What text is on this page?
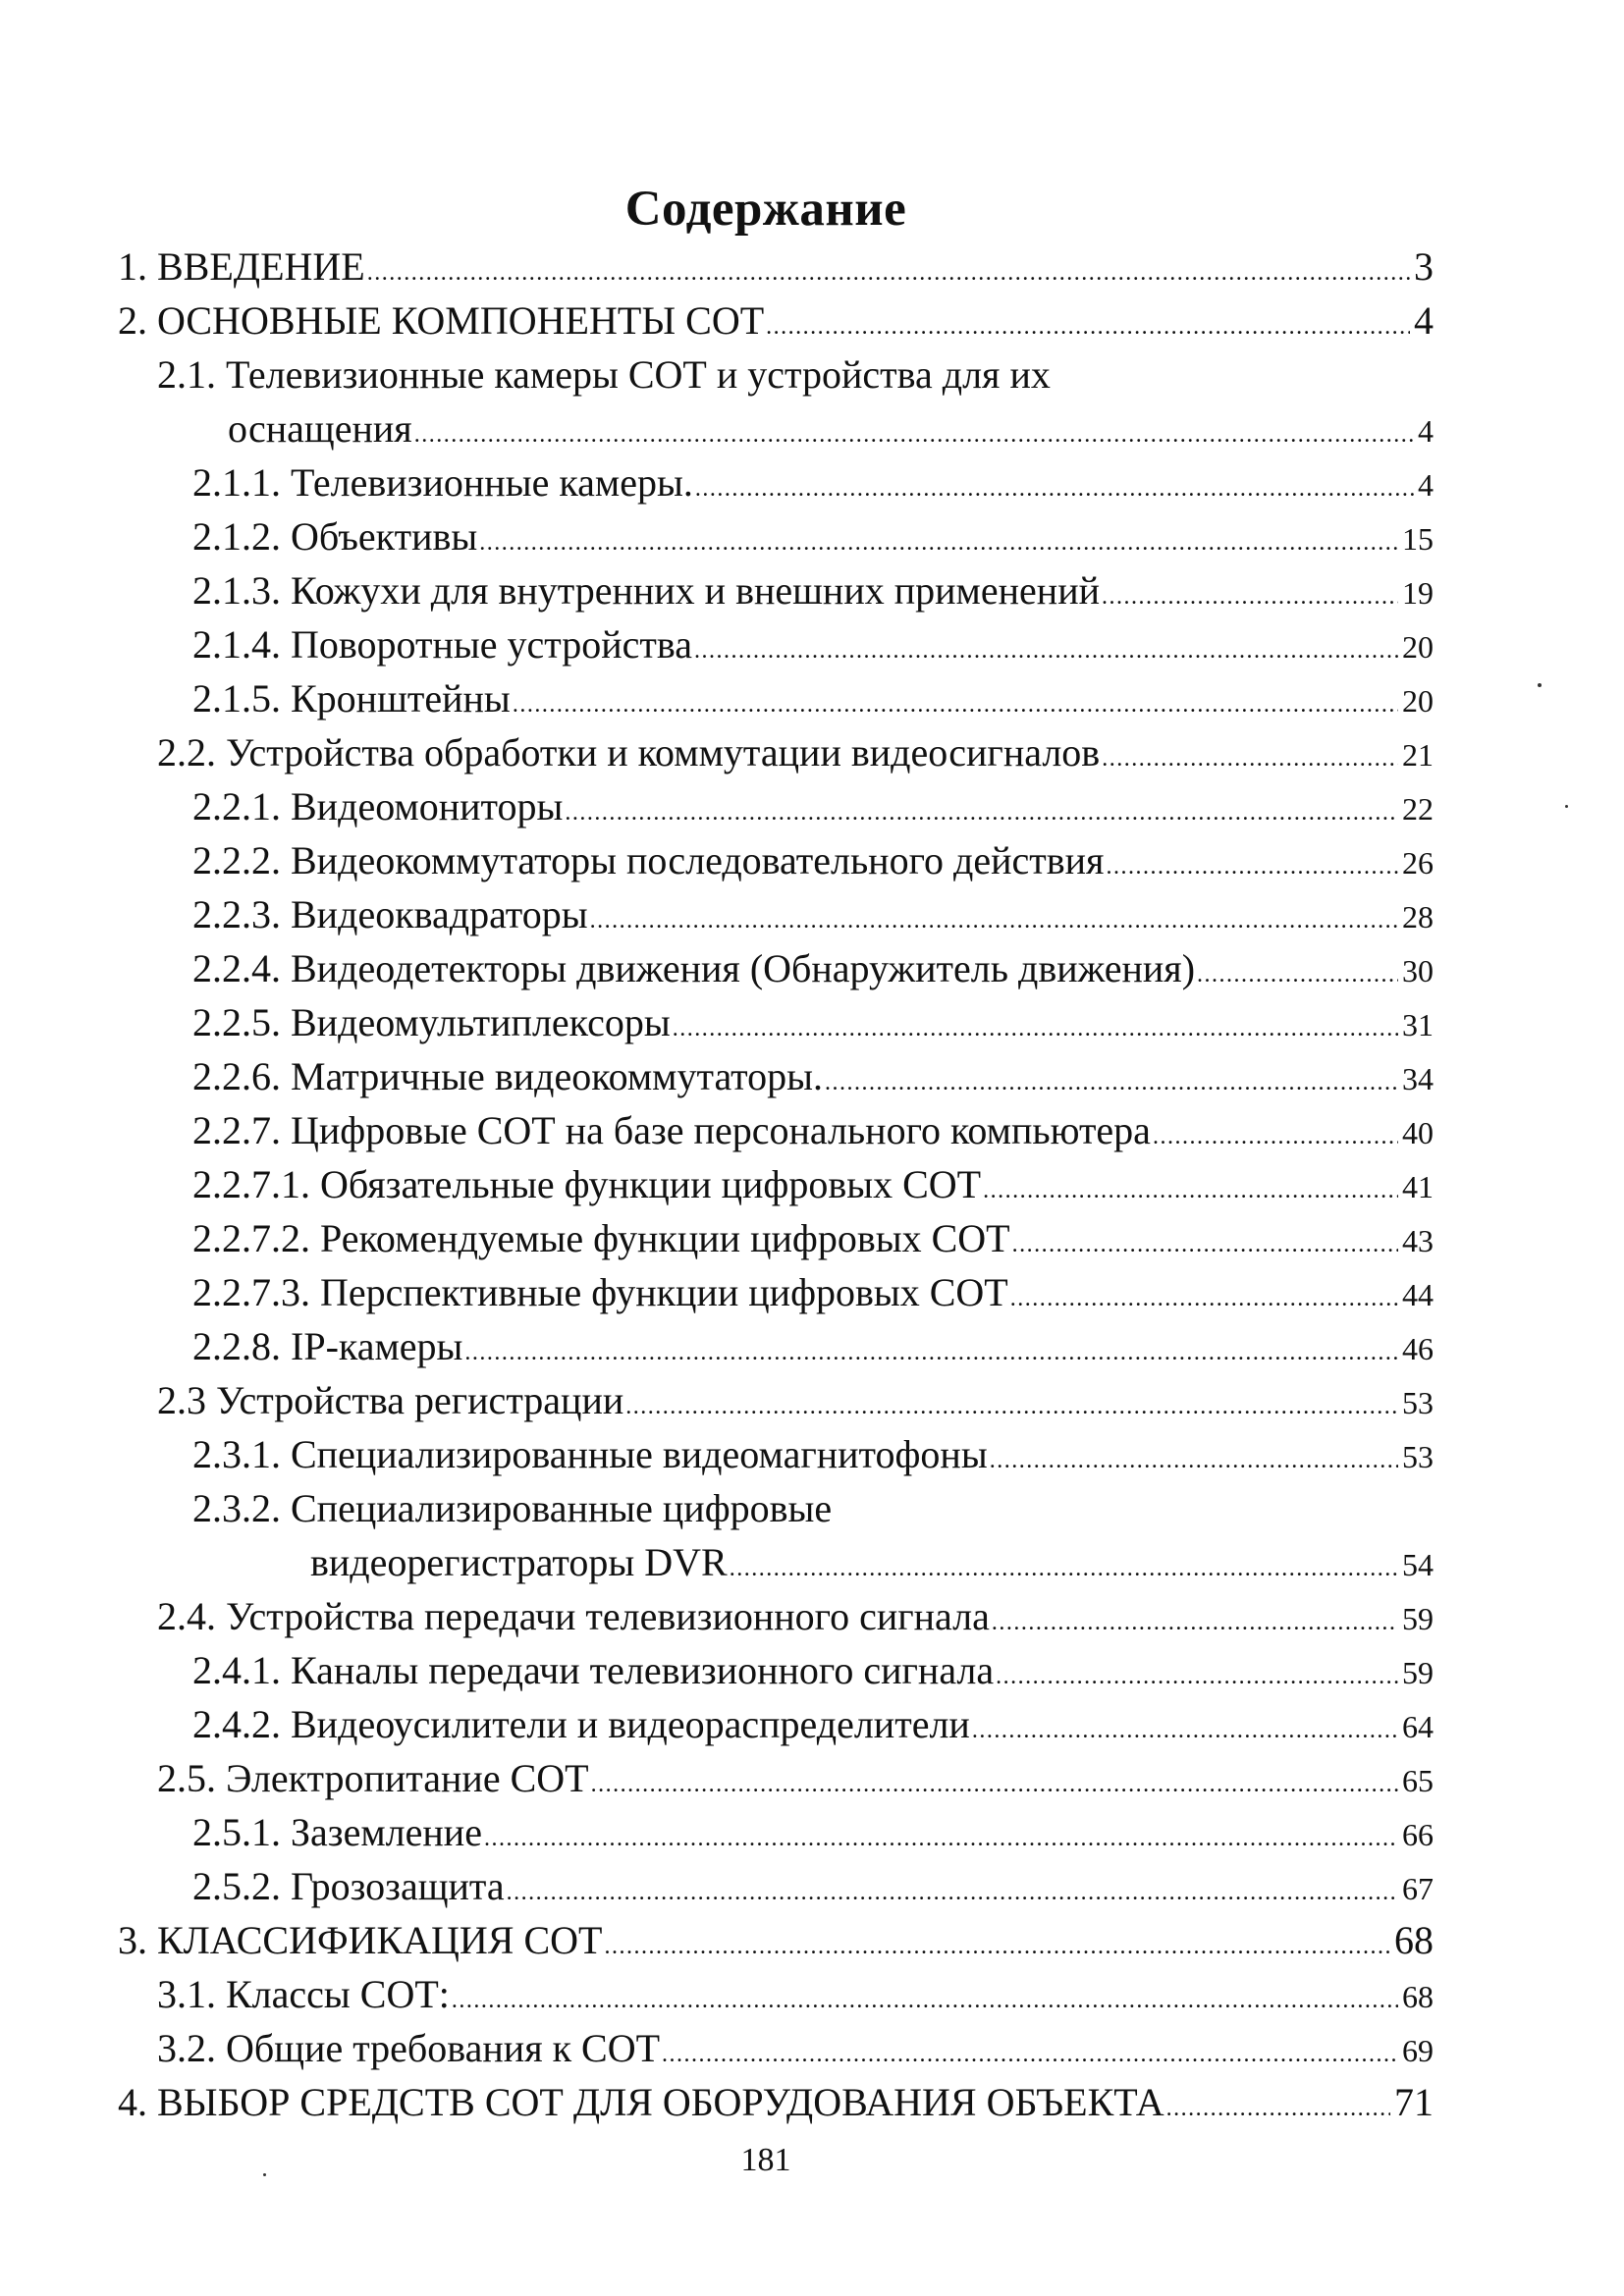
Содержание
1. ВВЕДЕНИЕ .....	3
2. ОСНОВНЫЕ КОМПОНЕНТЫ СОТ .....	4
2.1. Телевизионные камеры СОТ и устройства для их
оснащения .....	4
2.1.1. Телевизионные камеры. .....	4
2.1.2. Объективы .....	15
2.1.3. Кожухи для внутренних и внешних применений .....	19
2.1.4. Поворотные устройства .....	20
2.1.5. Кронштейны .....	20
2.2. Устройства обработки и коммутации видеосигналов .....	21
2.2.1. Видеомониторы .....	22
2.2.2. Видеокоммутаторы последовательного действия .....	26
2.2.3. Видеоквадраторы .....	28
2.2.4. Видеодетекторы движения (Обнаружитель движения) .....	30
2.2.5. Видеомультиплексоры .....	31
2.2.6. Матричные видеокоммутаторы. .....	34
2.2.7. Цифровые СОТ на базе персонального компьютера .....	40
2.2.7.1. Обязательные функции цифровых СОТ .....	41
2.2.7.2. Рекомендуемые функции цифровых СОТ .....	43
2.2.7.3. Перспективные функции цифровых СОТ .....	44
2.2.8. IP-камеры .....	46
2.3 Устройства регистрации .....	53
2.3.1. Специализированные видеомагнитофоны .....	53
2.3.2. Специализированные цифровые
видеорегистраторы DVR .....	54
2.4. Устройства передачи телевизионного сигнала .....	59
2.4.1. Каналы передачи телевизионного сигнала .....	59
2.4.2. Видеоусилители и видеораспределители .....	64
2.5. Электропитание СОТ .....	65
2.5.1. Заземление .....	66
2.5.2. Грозозащита .....	67
3. КЛАССИФИКАЦИЯ СОТ .....	68
3.1. Классы СОТ: .....	68
3.2. Общие требования к СОТ .....	69
4. ВЫБОР СРЕДСТВ СОТ ДЛЯ ОБОРУДОВАНИЯ ОБЪЕКТА .....	71
181
